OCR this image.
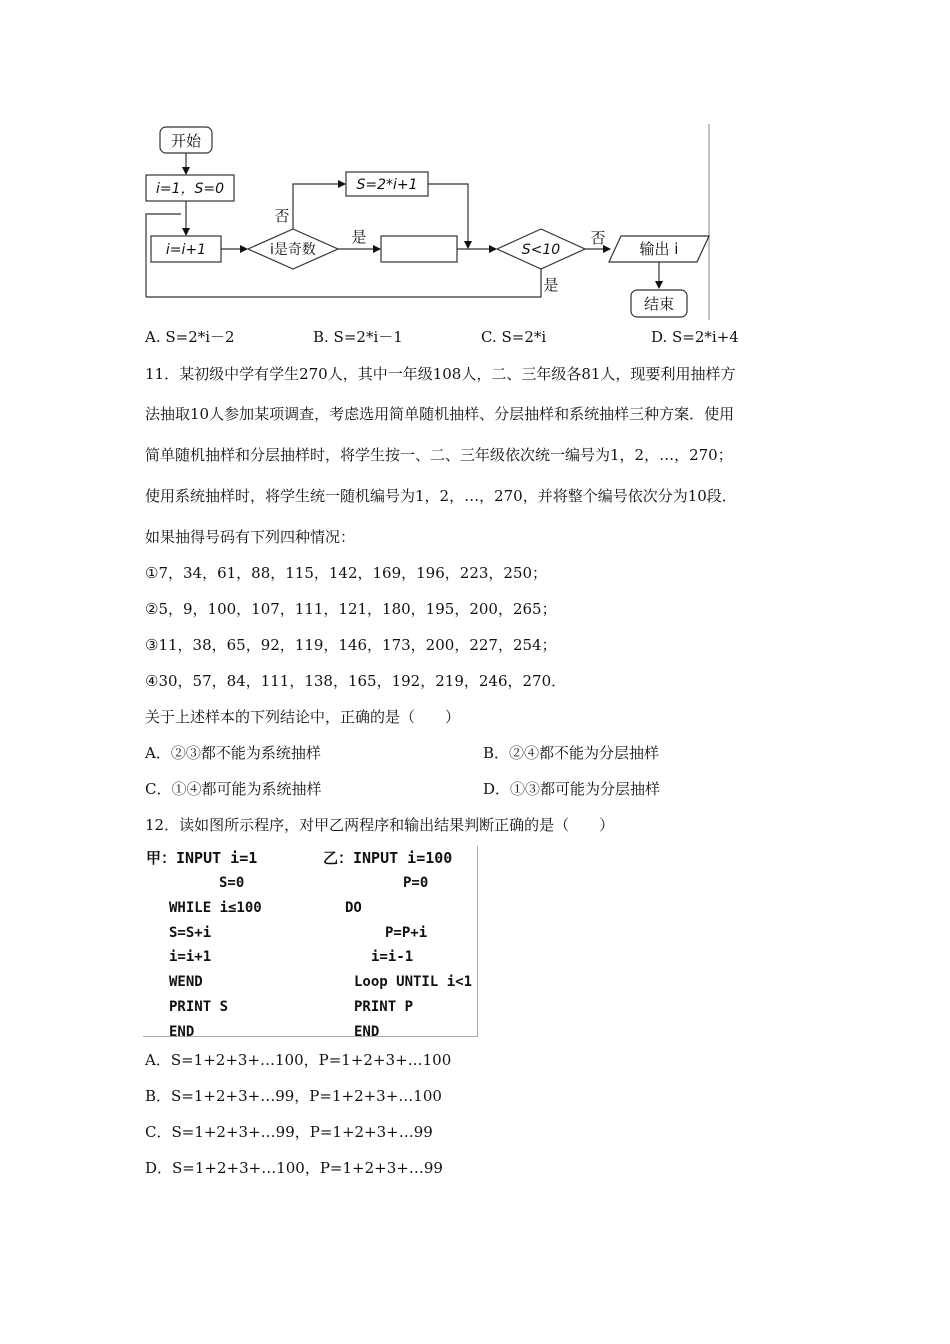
开始
i=1，S=0
i=i+1	i是奇数
否
S=2*i+1
是
S<10
否
是
输出 i
结束
A. S=2*i－2	B. S=2*i－1	C. S=2*i	D. S=2*i+4
11．某初级中学有学生270人，其中一年级108人，二、三年级各81人，现要利用抽样方
法抽取10人参加某项调查，考虑选用简单随机抽样、分层抽样和系统抽样三种方案．使用
简单随机抽样和分层抽样时，将学生按一、二、三年级依次统一编号为1，2，…，270；
使用系统抽样时，将学生统一随机编号为1，2，…，270，并将整个编号依次分为10段．
如果抽得号码有下列四种情况：
①7，34，61，88，115，142，169，196，223，250；
②5，9，100，107，111，121，180，195，200，265；
③11，38，65，92，119，146，173，200，227，254；
④30，57，84，111，138，165，192，219，246，270．
关于上述样本的下列结论中，正确的是（　　）
A．②③都不能为系统抽样	B．②④都不能为分层抽样
C．①④都可能为系统抽样	D．①③都可能为分层抽样
12．读如图所示程序，对甲乙两程序和输出结果判断正确的是（　　）
甲：INPUT i=1
S=0
WHILE i≤100
S=S+i
i=i+1
WEND
PRINT S
END
乙：INPUT i=100
P=0
DO
P=P+i
i=i-1
Loop UNTIL i<1
PRINT P
END
A．S=1+2+3+…100，P=1+2+3+…100
B．S=1+2+3+…99，P=1+2+3+…100
C．S=1+2+3+…99，P=1+2+3+…99
D．S=1+2+3+…100，P=1+2+3+…99
